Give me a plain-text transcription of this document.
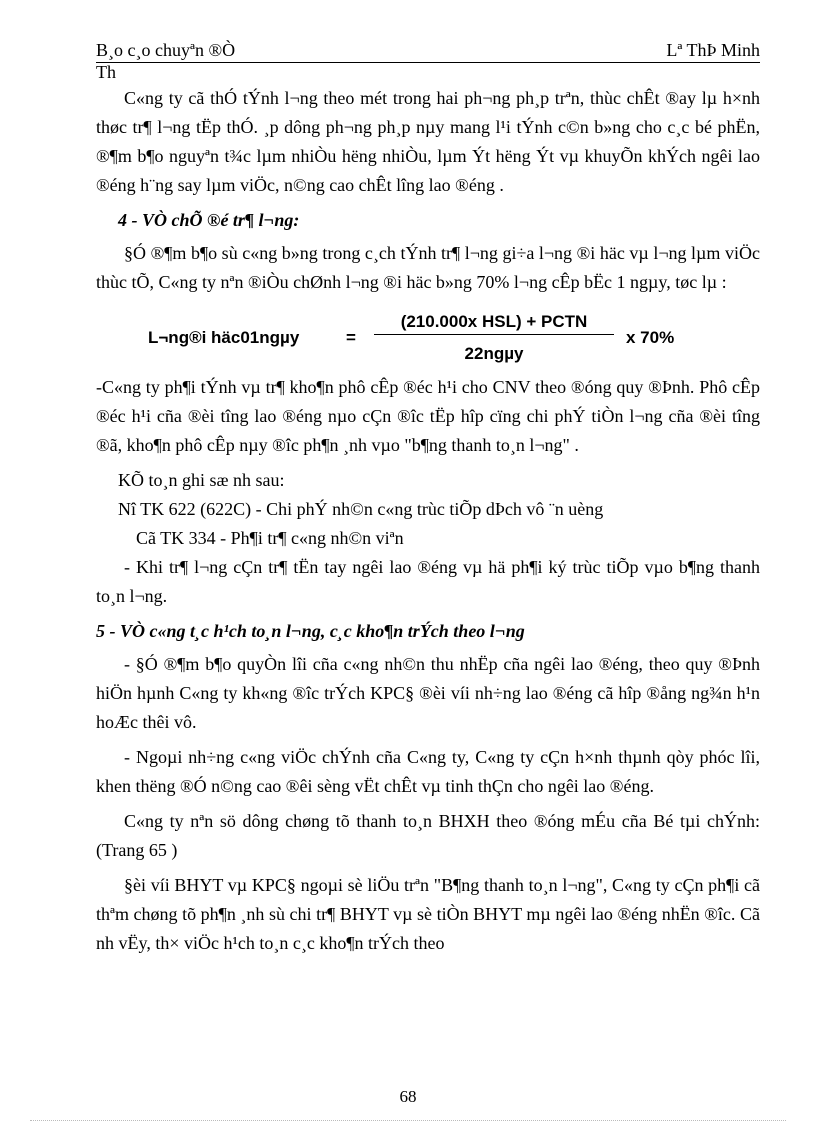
B¸o c¸o chuyªn ®Ò	Lª ThÞ Minh
Th

C«ng ty cã thÓ tÝnh l¬ng theo mét trong hai ph¬ng ph¸p trªn, thùc chÊt ®ay lµ h×nh thøc tr¶ l¬ng tËp thÓ. ¸p dông ph¬ng ph¸p nµy mang l¹i tÝnh c©n b»ng cho c¸c bé phËn, ®¶m b¶o nguyªn t¾c lµm nhiÒu hëng nhiÒu, lµm Ýt hëng Ýt vµ khuyÕn khÝch ngêi lao ®éng h¨ng say lµm viÖc, n©ng cao chÊt lîng lao ®éng .

4 - VÒ chÕ ®é tr¶ l¬ng:

§Ó ®¶m b¶o sù c«ng b»ng trong c¸ch tÝnh tr¶ l¬ng gi÷a l¬ng ®i häc vµ l¬ng lµm viÖc thùc tÕ, C«ng ty nªn ®iÒu chØnh l¬ng ®i häc b»ng 70% l¬ng cÊp bËc 1 ngµy, tøc lµ :

L¬ng®i häc01ngµy	=
(210.000x HSL) + PCTN
22ngµy
x 70%

-C«ng ty ph¶i tÝnh vµ tr¶ kho¶n phô cÊp ®éc h¹i cho CNV theo ®óng quy ®Þnh. Phô cÊp ®éc h¹i cña ®èi tîng lao ®éng nµo cÇn ®îc tËp hîp cïng chi phÝ tiÒn l¬ng cña ®èi tîng ®ã, kho¶n phô cÊp nµy ®îc ph¶n ¸nh vµo "b¶ng thanh to¸n l¬ng" .

KÕ to¸n ghi sæ nh sau:

Nî TK 622 (622C) - Chi phÝ nh©n c«ng trùc tiÕp dÞch vô ¨n uèng

Cã TK 334 - Ph¶i tr¶ c«ng nh©n viªn

- Khi tr¶ l¬ng cÇn tr¶ tËn tay ngêi lao ®éng vµ hä ph¶i ký trùc tiÕp vµo b¶ng thanh to¸n l¬ng.

5 - VÒ c«ng t¸c h¹ch to¸n l¬ng, c¸c kho¶n trÝch theo l¬ng

- §Ó ®¶m b¶o quyÒn lîi cña c«ng nh©n thu nhËp cña ngêi lao ®éng, theo quy ®Þnh hiÖn hµnh C«ng ty kh«ng ®îc trÝch KPC§ ®èi víi nh÷ng lao ®éng cã hîp ®ång ng¾n h¹n hoÆc thêi vô.

- Ngoµi nh÷ng c«ng viÖc chÝnh cña C«ng ty, C«ng ty cÇn h×nh thµnh qòy phóc lîi, khen thëng ®Ó n©ng cao ®êi sèng vËt chÊt vµ tinh thÇn cho ngêi lao ®éng.

C«ng ty nªn sö dông chøng tõ thanh to¸n BHXH theo ®óng mÉu cña Bé tµi chÝnh: (Trang 65 )

§èi víi BHYT vµ KPC§ ngoµi sè liÖu trªn "B¶ng thanh to¸n l¬ng", C«ng ty cÇn ph¶i cã thªm chøng tõ ph¶n ¸nh sù chi tr¶ BHYT vµ sè tiÒn BHYT mµ ngêi lao ®éng nhËn ®îc. Cã nh vËy, th× viÖc h¹ch to¸n c¸c kho¶n trÝch theo

68
